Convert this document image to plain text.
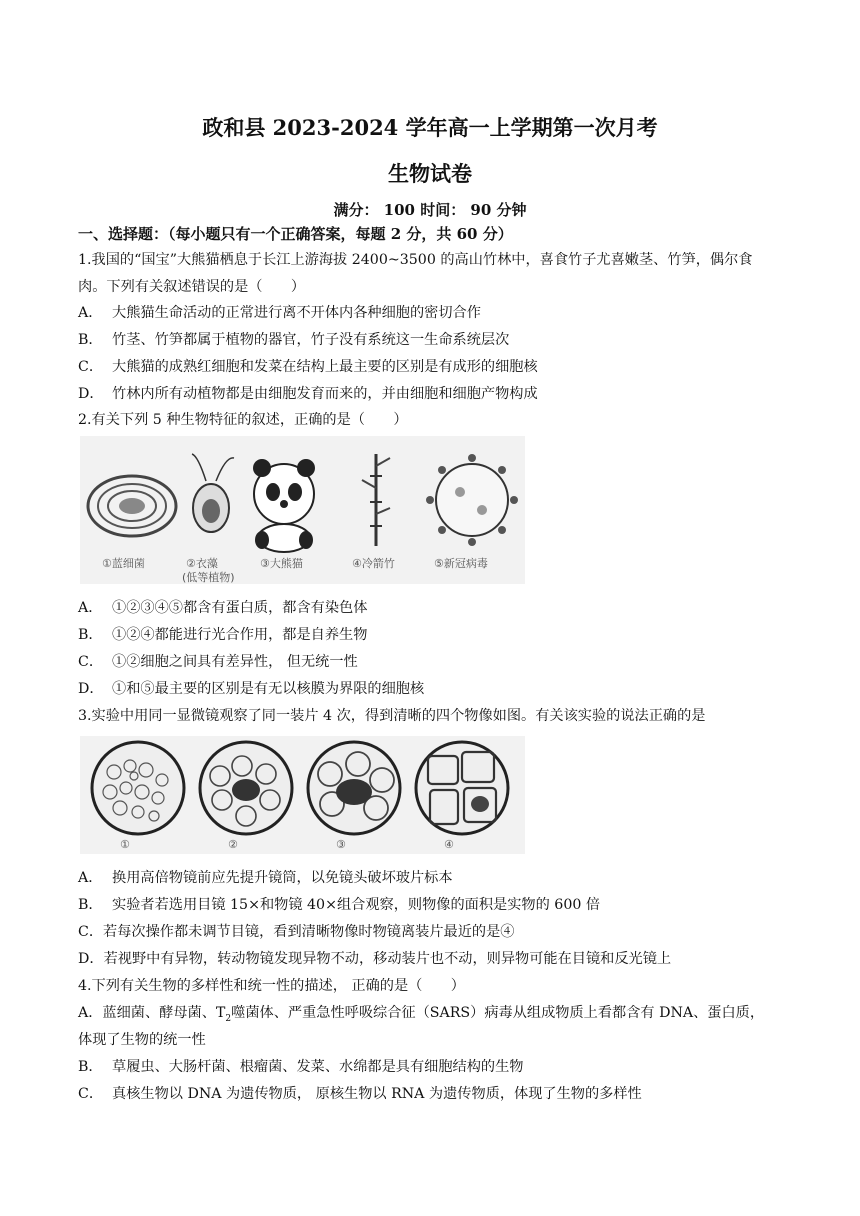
政和县 2023-2024 学年高一上学期第一次月考
生物试卷
满分： 100 时间： 90 分钟
一、选择题：（每小题只有一个正确答案，每题 2 分，共 60 分）
1.我国的“国宝”大熊猫栖息于长江上游海拔 2400~3500 的高山竹林中，喜食竹子尤喜嫩茎、竹笋，偶尔食
肉。下列有关叙述错误的是（　　）
A． 大熊猫生命活动的正常进行离不开体内各种细胞的密切合作
B． 竹茎、竹笋都属于植物的器官，竹子没有系统这一生命系统层次
C． 大熊猫的成熟红细胞和发菜在结构上最主要的区别是有成形的细胞核
D． 竹林内所有动植物都是由细胞发育而来的，并由细胞和细胞产物构成
2.有关下列 5 种生物特征的叙述，正确的是（　　）
①蓝细菌	②衣藻
(低等植物)
③大熊猫	④冷箭竹	⑤新冠病毒
A． ①②③④⑤都含有蛋白质，都含有染色体
B． ①②④都能进行光合作用，都是自养生物
C． ①②细胞之间具有差异性， 但无统一性
D． ①和⑤最主要的区别是有无以核膜为界限的细胞核
3.实验中用同一显微镜观察了同一装片 4 次，得到清晰的四个物像如图。有关该实验的说法正确的是
①	②	③	④
A． 换用高倍物镜前应先提升镜筒，以免镜头破坏玻片标本
B． 实验者若选用目镜 15×和物镜 40×组合观察，则物像的面积是实物的 600 倍
C．若每次操作都未调节目镜，看到清晰物像时物镜离装片最近的是④
D．若视野中有异物，转动物镜发现异物不动，移动装片也不动，则异物可能在目镜和反光镜上
4.下列有关生物的多样性和统一性的描述， 正确的是（　　）
A．蓝细菌、酵母菌、$T_2$噬菌体、严重急性呼吸综合征（SARS）病毒从组成物质上看都含有 DNA、蛋白质，
体现了生物的统一性
B． 草履虫、大肠杆菌、根瘤菌、发菜、水绵都是具有细胞结构的生物
C． 真核生物以 DNA 为遗传物质， 原核生物以 RNA 为遗传物质，体现了生物的多样性
